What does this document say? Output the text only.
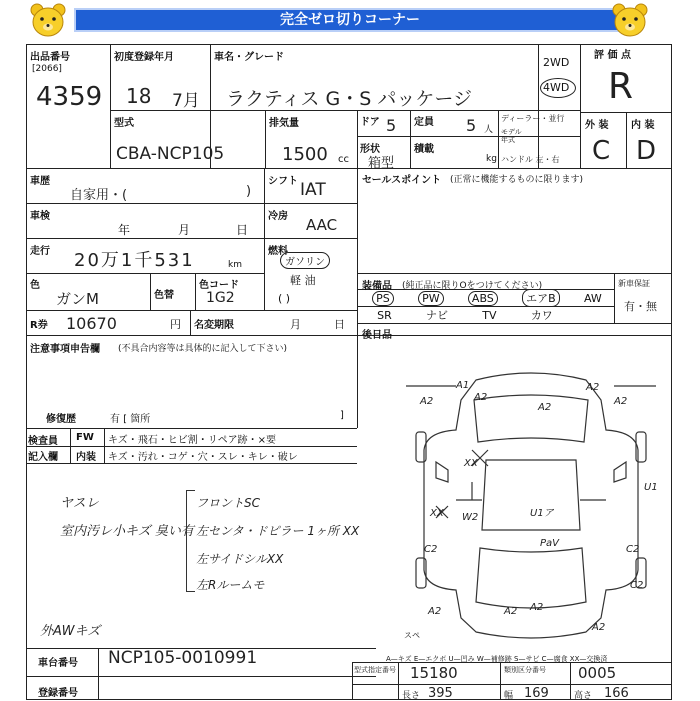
完全ゼロ切りコーナー
出品番号
[2066]
4359
初度登録年月
18 7月
車名・グレード
ラクティス G・S パッケージ
2WD
4WD
評 価 点
R
型式
CBA-NCP105
排気量
1500 cc
ドア 5 定員 5 人
ディーラー・並行
モデル年式
形状
箱型
積載
kg ハンドル 左・右
外 装 内 装
C D
車歴
自家用・(	)
シフト IAT
車検
年	月	日
冷房 AAC
走行 20万1千531	km
燃料
ガソリン
軽 油
( )
色
ガンM	色替
色コード
1G2
R券 10670	円 名変期限	月	日
セールスポイント (正常に機能するものに限ります)
装備品 (純正品に限りOをつけてください)	新車保証
有・無
PS	PW	ABS	エアB	AW
SR	ナビ	TV	カワ
後日品
注意事項申告欄 (不具合内容等は具体的に記入して下さい)
修復歴	有 [ 箇所	]
検査員
記入欄
FW キズ・飛石・ヒビ割・リペア跡・×要
内装 キズ・汚れ・コゲ・穴・スレ・キレ・破レ
ヤスレ
室内汚レ小キズ 臭い有
フロントSC
左センタ・ドピラー 1ヶ所 XX
左サイドシルXX
左Rルームモ
外AWキズ
A2
A2	A2
A2
A2
A2	A2 A2
A2
C2	C2
C2
U1
W2	U1ア
PaV
XX
XX
A1
スペ
A—キズ E—エクボ U—凹み W—補修跡 S—サビ C—腐食 XX—交換済
車台番号 NCP105-0010991
登録番号
型式指定番号 15180	類別区分番号	0005
長さ 395	幅 169	高さ 166
